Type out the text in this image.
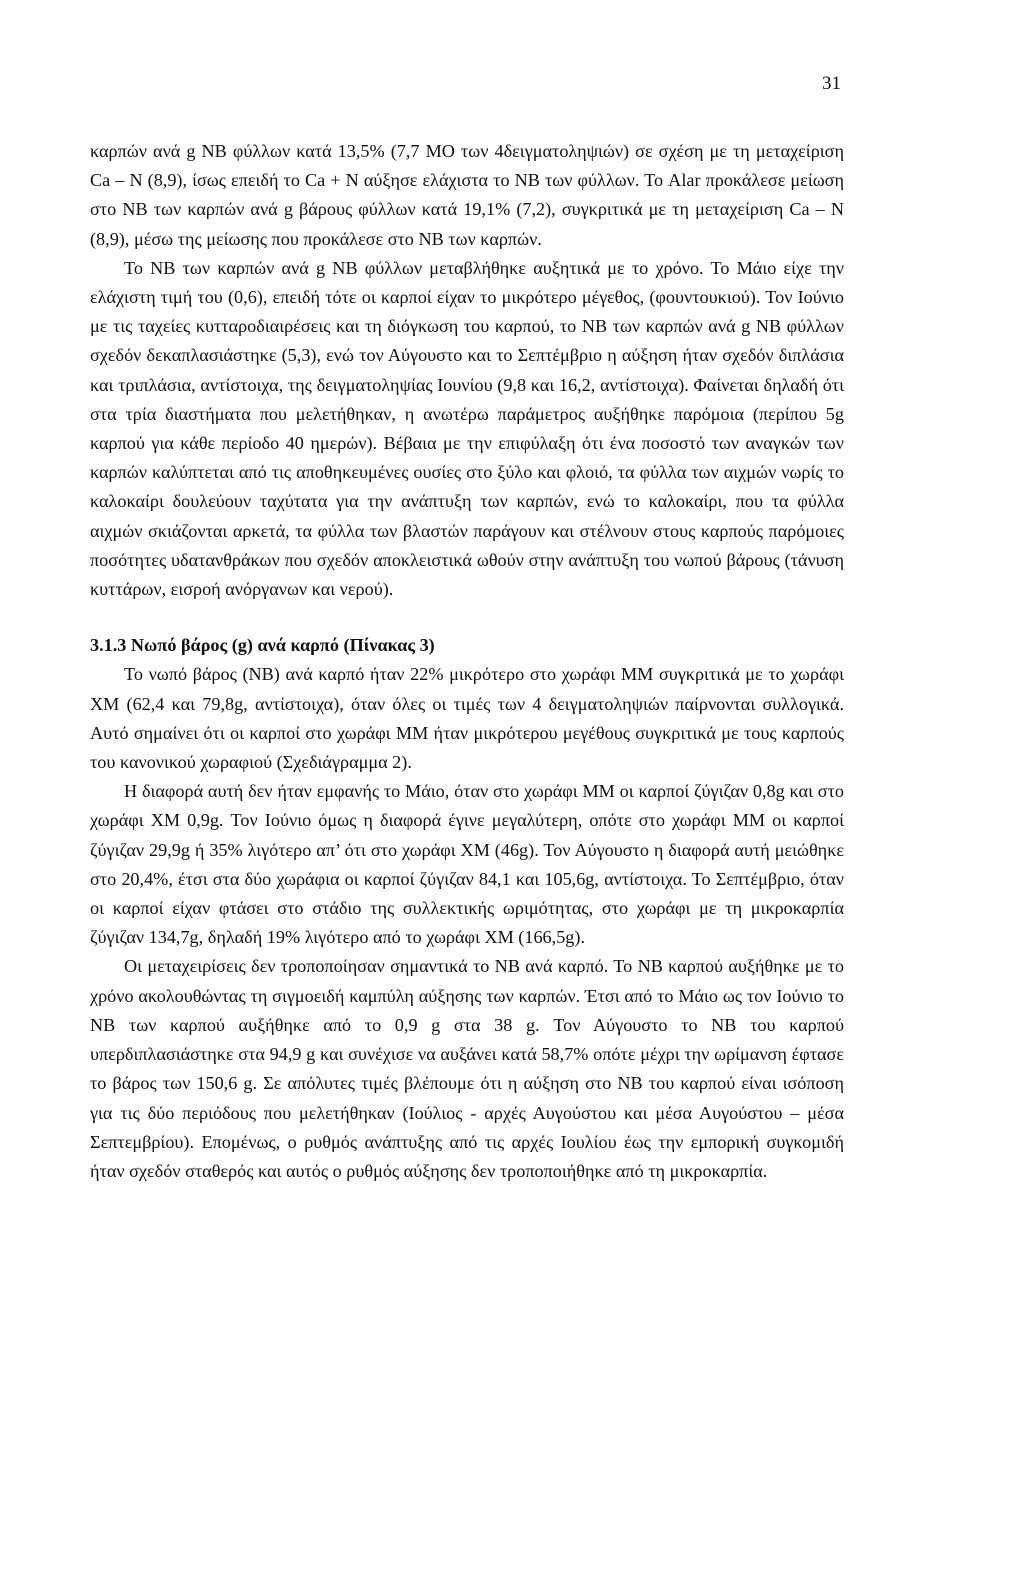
31

καρπών ανά g ΝΒ φύλλων κατά 13,5% (7,7 ΜΟ των 4δειγματοληψιών) σε σχέση με τη μεταχείριση Ca – N (8,9), ίσως επειδή το Ca + N αύξησε ελάχιστα το ΝΒ των φύλλων. Το Alar προκάλεσε μείωση στο ΝΒ των καρπών ανά g βάρους φύλλων κατά 19,1% (7,2), συγκριτικά με τη μεταχείριση Ca – N (8,9), μέσω της μείωσης που προκάλεσε στο ΝΒ των καρπών.

Το ΝΒ των καρπών ανά g ΝΒ φύλλων μεταβλήθηκε αυξητικά με το χρόνο. Το Μάιο είχε την ελάχιστη τιμή του (0,6), επειδή τότε οι καρποί είχαν το μικρότερο μέγεθος, (φουντουκιού). Τον Ιούνιο με τις ταχείες κυτταροδιαιρέσεις και τη διόγκωση του καρπού, το ΝΒ των καρπών ανά g ΝΒ φύλλων σχεδόν δεκαπλασιάστηκε (5,3), ενώ τον Αύγουστο και το Σεπτέμβριο η αύξηση ήταν σχεδόν διπλάσια και τριπλάσια, αντίστοιχα, της δειγματοληψίας Ιουνίου (9,8 και 16,2, αντίστοιχα). Φαίνεται δηλαδή ότι στα τρία διαστήματα που μελετήθηκαν, η ανωτέρω παράμετρος αυξήθηκε παρόμοια (περίπου 5g καρπού για κάθε περίοδο 40 ημερών). Βέβαια με την επιφύλαξη ότι ένα ποσοστό των αναγκών των καρπών καλύπτεται από τις αποθηκευμένες ουσίες στο ξύλο και φλοιό, τα φύλλα των αιχμών νωρίς το καλοκαίρι δουλεύουν ταχύτατα για την ανάπτυξη των καρπών, ενώ το καλοκαίρι, που τα φύλλα αιχμών σκιάζονται αρκετά, τα φύλλα των βλαστών παράγουν και στέλνουν στους καρπούς παρόμοιες ποσότητες υδατανθράκων που σχεδόν αποκλειστικά ωθούν στην ανάπτυξη του νωπού βάρους (τάνυση κυττάρων, εισροή ανόργανων και νερού).

3.1.3 Νωπό βάρος (g) ανά καρπό (Πίνακας 3)

Το νωπό βάρος (ΝΒ) ανά καρπό ήταν 22% μικρότερο στο χωράφι ΜΜ συγκριτικά με το χωράφι ΧΜ (62,4 και 79,8g, αντίστοιχα), όταν όλες οι τιμές των 4 δειγματοληψιών παίρνονται συλλογικά. Αυτό σημαίνει ότι οι καρποί στο χωράφι ΜΜ ήταν μικρότερου μεγέθους συγκριτικά με τους καρπούς του κανονικού χωραφιού (Σχεδιάγραμμα 2).

Η διαφορά αυτή δεν ήταν εμφανής το Μάιο, όταν στο χωράφι ΜΜ οι καρποί ζύγιζαν 0,8g και στο χωράφι ΧΜ 0,9g. Τον Ιούνιο όμως η διαφορά έγινε μεγαλύτερη, οπότε στο χωράφι ΜΜ οι καρποί ζύγιζαν 29,9g ή 35% λιγότερο απ’ ότι στο χωράφι ΧΜ (46g). Τον Αύγουστο η διαφορά αυτή μειώθηκε στο 20,4%, έτσι στα δύο χωράφια οι καρποί ζύγιζαν 84,1 και 105,6g, αντίστοιχα. Το Σεπτέμβριο, όταν οι καρποί είχαν φτάσει στο στάδιο της συλλεκτικής ωριμότητας, στο χωράφι με τη μικροκαρπία ζύγιζαν 134,7g, δηλαδή 19% λιγότερο από το χωράφι ΧΜ (166,5g).

Οι μεταχειρίσεις δεν τροποποίησαν σημαντικά το ΝΒ ανά καρπό. Το ΝΒ καρπού αυξήθηκε με το χρόνο ακολουθώντας τη σιγμοειδή καμπύλη αύξησης των καρπών. Έτσι από το Μάιο ως τον Ιούνιο το ΝΒ των καρπού αυξήθηκε από το 0,9 g στα 38 g. Τον Αύγουστο το ΝΒ του καρπού υπερδιπλασιάστηκε στα 94,9 g και συνέχισε να αυξάνει κατά 58,7% οπότε μέχρι την ωρίμανση έφτασε το βάρος των 150,6 g. Σε απόλυτες τιμές βλέπουμε ότι η αύξηση στο ΝΒ του καρπού είναι ισόποση για τις δύο περιόδους που μελετήθηκαν (Ιούλιος - αρχές Αυγούστου και μέσα Αυγούστου – μέσα Σεπτεμβρίου). Επομένως, ο ρυθμός ανάπτυξης από τις αρχές Ιουλίου έως την εμπορική συγκομιδή ήταν σχεδόν σταθερός και αυτός ο ρυθμός αύξησης δεν τροποποιήθηκε από τη μικροκαρπία.
